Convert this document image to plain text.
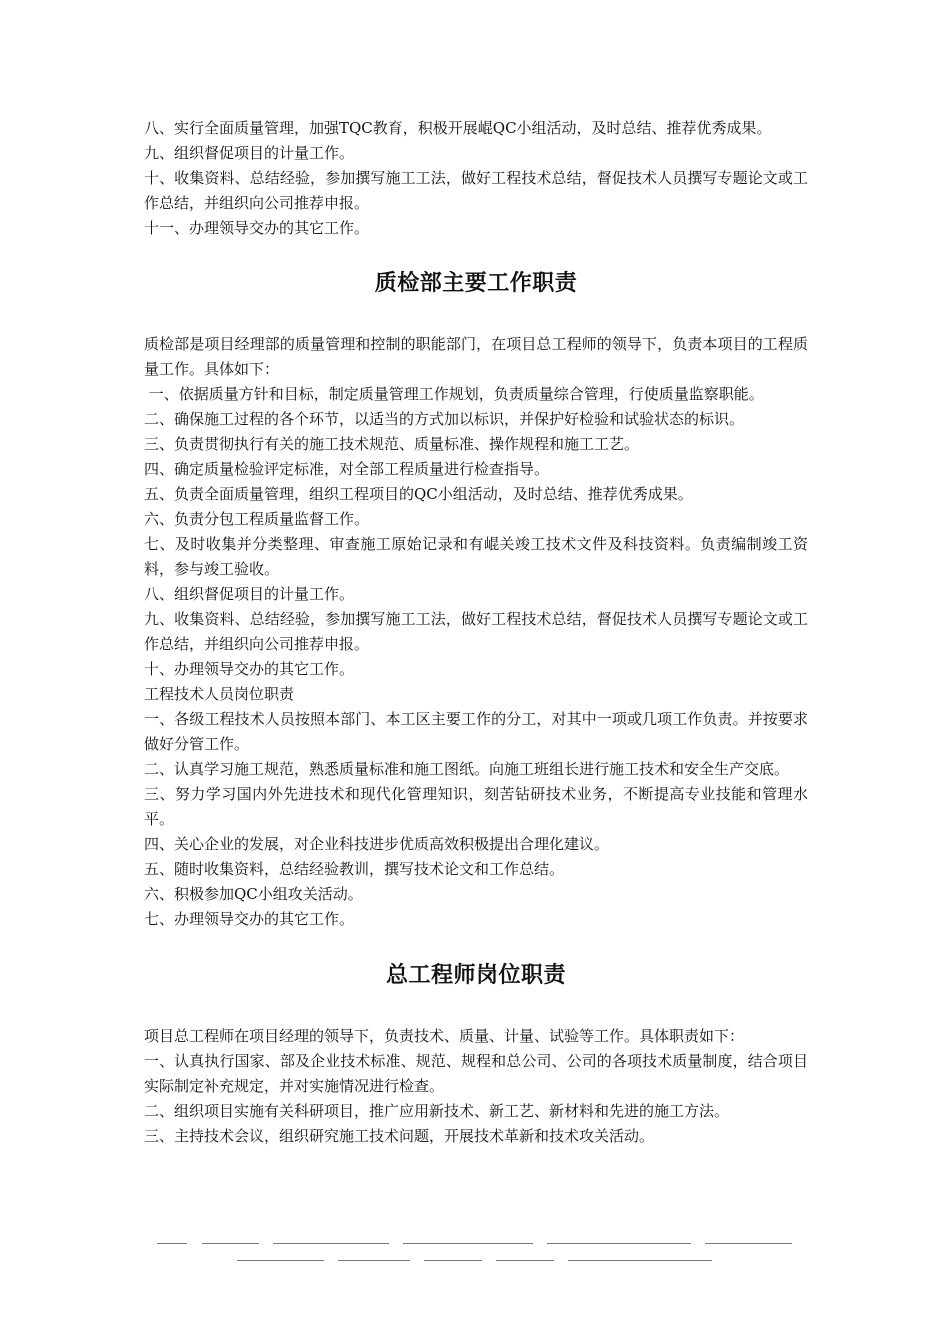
八、实行全面质量管理，加强TQC教育，积极开展崐QC小组活动，及时总结、推荐优秀成果。

九、组织督促项目的计量工作。

十、收集资料、总结经验，参加撰写施工工法，做好工程技术总结，督促技术人员撰写专题论文或工作总结，并组织向公司推荐申报。

十一、办理领导交办的其它工作。

质检部主要工作职责

质检部是项目经理部的质量管理和控制的职能部门，在项目总工程师的领导下，负责本项目的工程质量工作。具体如下：

一、依据质量方针和目标，制定质量管理工作规划，负责质量综合管理，行使质量监察职能。

二、确保施工过程的各个环节，以适当的方式加以标识，并保护好检验和试验状态的标识。

三、负责贯彻执行有关的施工技术规范、质量标准、操作规程和施工工艺。

四、确定质量检验评定标准，对全部工程质量进行检查指导。

五、负责全面质量管理，组织工程项目的QC小组活动，及时总结、推荐优秀成果。

六、负责分包工程质量监督工作。

七、及时收集并分类整理、审查施工原始记录和有崐关竣工技术文件及科技资料。负责编制竣工资料，参与竣工验收。

八、组织督促项目的计量工作。

九、收集资料、总结经验，参加撰写施工工法，做好工程技术总结，督促技术人员撰写专题论文或工作总结，并组织向公司推荐申报。

十、办理领导交办的其它工作。

工程技术人员岗位职责

一、各级工程技术人员按照本部门、本工区主要工作的分工，对其中一项或几项工作负责。并按要求做好分管工作。

二、认真学习施工规范，熟悉质量标准和施工图纸。向施工班组长进行施工技术和安全生产交底。

三、努力学习国内外先进技术和现代化管理知识，刻苦钻研技术业务，不断提高专业技能和管理水平。

四、关心企业的发展，对企业科技进步优质高效积极提出合理化建议。

五、随时收集资料，总结经验教训，撰写技术论文和工作总结。

六、积极参加QC小组攻关活动。

七、办理领导交办的其它工作。

总工程师岗位职责

项目总工程师在项目经理的领导下，负责技术、质量、计量、试验等工作。具体职责如下：

一、认真执行国家、部及企业技术标准、规范、规程和总公司、公司的各项技术质量制度，结合项目实际制定补充规定，并对实施情况进行检查。

二、组织项目实施有关科研项目，推广应用新技术、新工艺、新材料和先进的施工方法。

三、主持技术会议，组织研究施工技术问题，开展技术革新和技术攻关活动。
